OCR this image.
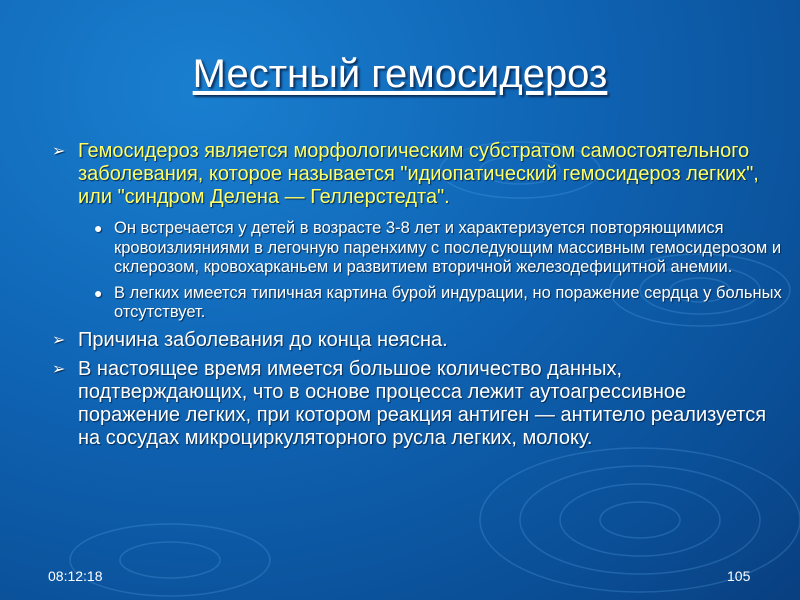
Местный гемосидероз
➢ Гемосидероз является морфологическим субстратом самостоятельного заболевания, которое называется "идиопатический гемосидероз легких", или "синдром Делена — Геллерстедта".
● Он встречается у детей в возрасте 3-8 лет и характеризуется повторяющимися кровоизлияниями в легочную паренхиму с последующим массивным гемосидерозом и склерозом, кровохарканьем и развитием вторичной железодефицитной анемии.
● В легких имеется типичная картина бурой индурации, но поражение сердца у больных отсутствует.
➢ Причина заболевания до конца неясна.
➢ В настоящее время имеется большое количество данных, подтверждающих, что в основе процесса лежит аутоагрессивное поражение легких, при котором реакция антиген — антитело реализуется на сосудах микроциркуляторного русла легких, молоку.
08:12:18	105
